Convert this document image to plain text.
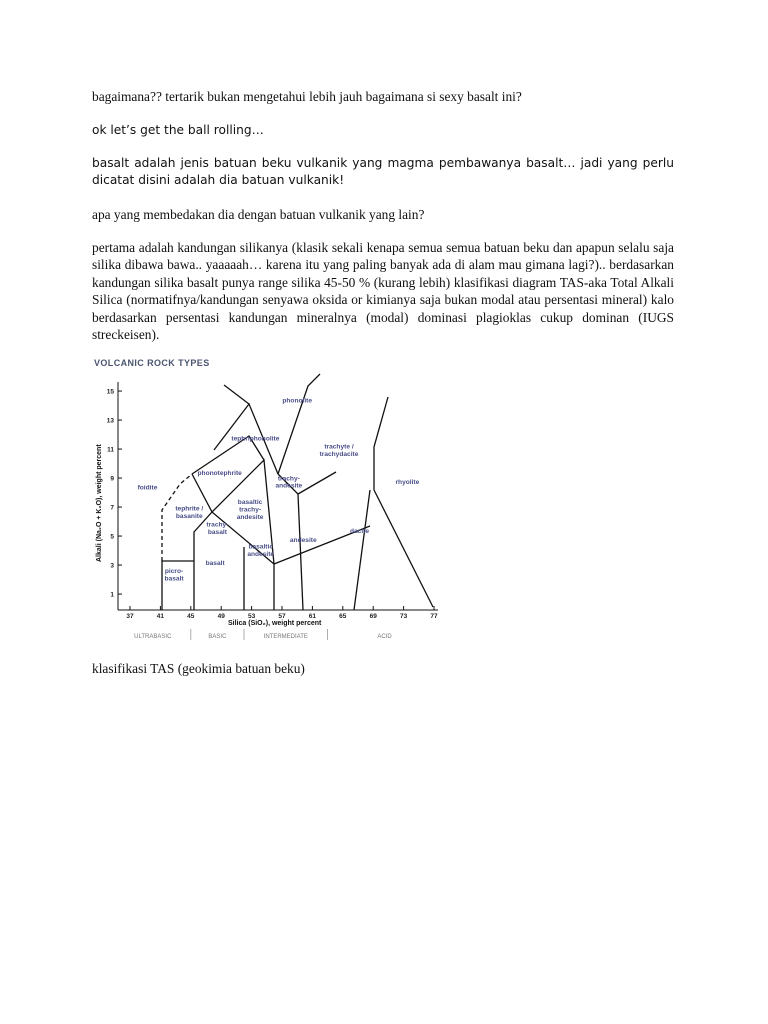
bagaimana?? tertarik bukan mengetahui lebih jauh bagaimana si sexy basalt ini?

ok let’s get the ball rolling…

basalt adalah jenis batuan beku vulkanik yang magma pembawanya basalt… jadi yang perlu dicatat disini adalah dia batuan vulkanik!

apa yang membedakan dia dengan batuan vulkanik yang lain?

pertama adalah kandungan silikanya (klasik sekali kenapa semua semua batuan beku dan apapun selalu saja silika dibawa bawa.. yaaaaah… karena itu yang paling banyak ada di alam mau gimana lagi?).. berdasarkan kandungan silika basalt punya range silika 45-50 % (kurang lebih) klasifikasi diagram TAS-aka Total Alkali Silica (normatifnya/kandungan senyawa oksida or kimianya saja bukan modal atau persentasi mineral) kalo berdasarkan persentasi kandungan mineralnya (modal) dominasi plagioklas cukup dominan (IUGS streckeisen).

VOLCANIC ROCK TYPES
37	41	45	49	53	57	61	65	69	73	77
1
3
5
7
9
11
13
15
phonolite
tephriphonolite
trachyte / trachydacite
phonotephrite
foidite
trachy-andesite
rhyolite
basaltic trachy-andesite
tephrite / basanite
trachy-basalt	dacite
andesite
basaltic andesite
basalt
picro-basalt
Silica (SiO₂), weight percent
Alkali (Na₂O + K₂O), weight percent
ULTRABASIC	BASIC	INTERMEDIATE	ACID

klasifikasi TAS (geokimia batuan beku)
